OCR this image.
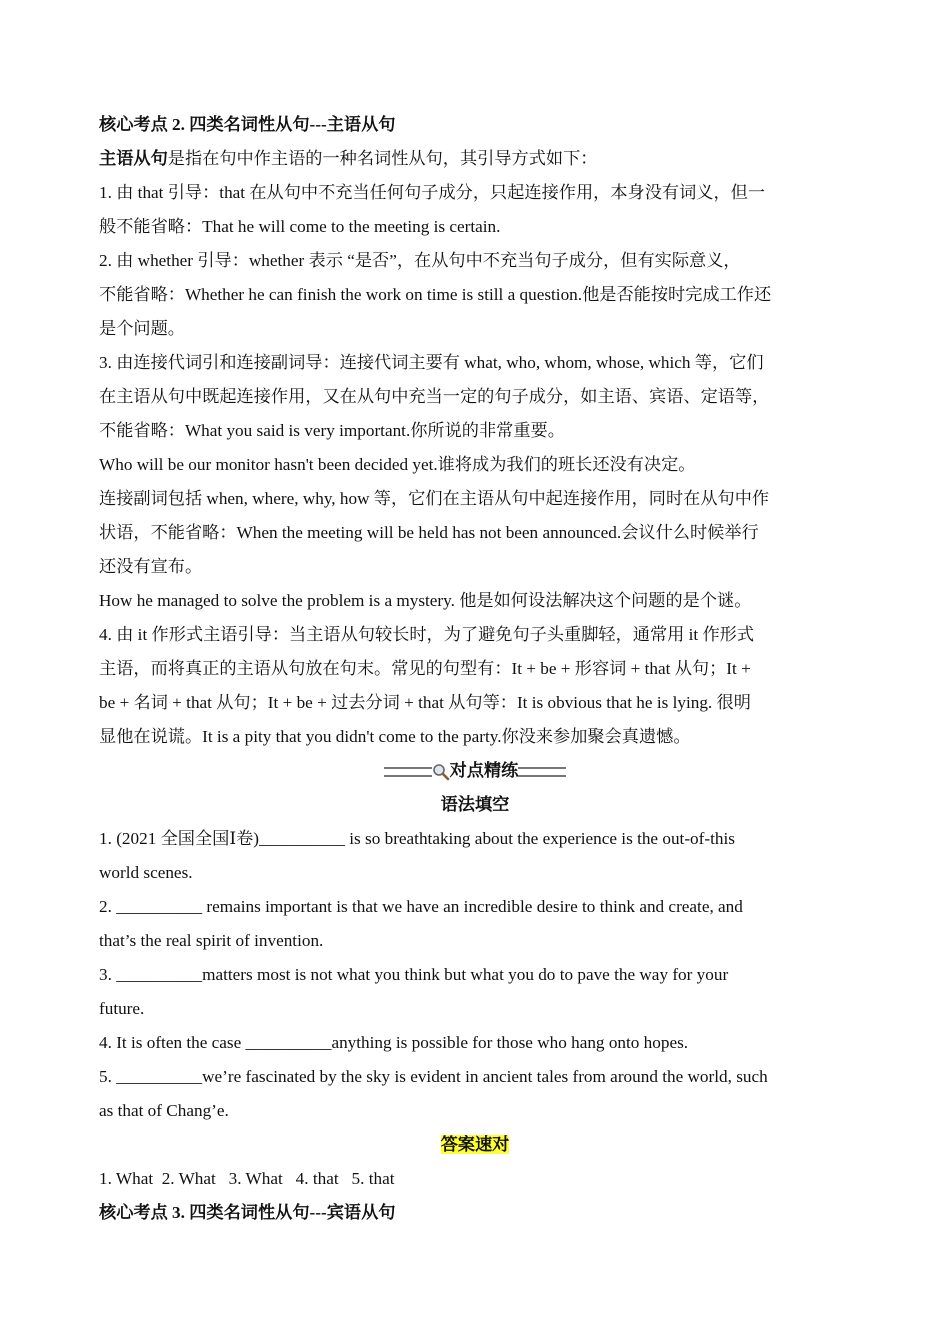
核心考点 2. 四类名词性从句---主语从句
主语从句是指在句中作主语的一种名词性从句，其引导方式如下：
1. 由 that 引导：that 在从句中不充当任何句子成分，只起连接作用，本身没有词义，但一
般不能省略：That he will come to the meeting is certain.
2. 由 whether 引导：whether 表示 “是否”，在从句中不充当句子成分，但有实际意义，
不能省略：Whether he can finish the work on time is still a question.他是否能按时完成工作还
是个问题。
3. 由连接代词引和连接副词导：连接代词主要有 what, who, whom, whose, which 等，它们
在主语从句中既起连接作用，又在从句中充当一定的句子成分，如主语、宾语、定语等，
不能省略：What you said is very important.你所说的非常重要。
Who will be our monitor hasn't been decided yet.谁将成为我们的班长还没有决定。
连接副词包括 when, where, why, how 等，它们在主语从句中起连接作用，同时在从句中作
状语，不能省略：When the meeting will be held has not been announced.会议什么时候举行
还没有宣布。
How he managed to solve the problem is a mystery. 他是如何设法解决这个问题的是个谜。
4. 由 it 作形式主语引导：当主语从句较长时，为了避免句子头重脚轻，通常用 it 作形式
主语，而将真正的主语从句放在句末。常见的句型有：It + be + 形容词 + that 从句；It +
be + 名词 + that 从句；It + be + 过去分词 + that 从句等：It is obvious that he is lying. 很明
显他在说谎。It is a pity that you didn't come to the party.你没来参加聚会真遗憾。
对点精练
语法填空
1. (2021 全国全国Ⅰ卷)__________ is so breathtaking about the experience is the out-of-this
world scenes.
2. __________ remains important is that we have an incredible desire to think and create, and
that’s the real spirit of invention.
3. __________matters most is not what you think but what you do to pave the way for your
future.
4. It is often the case __________anything is possible for those who hang onto hopes.
5. __________we’re fascinated by the sky is evident in ancient tales from around the world, such
as that of Chang’e.
答案速对
1. What  2. What   3. What   4. that   5. that
核心考点 3. 四类名词性从句---宾语从句
